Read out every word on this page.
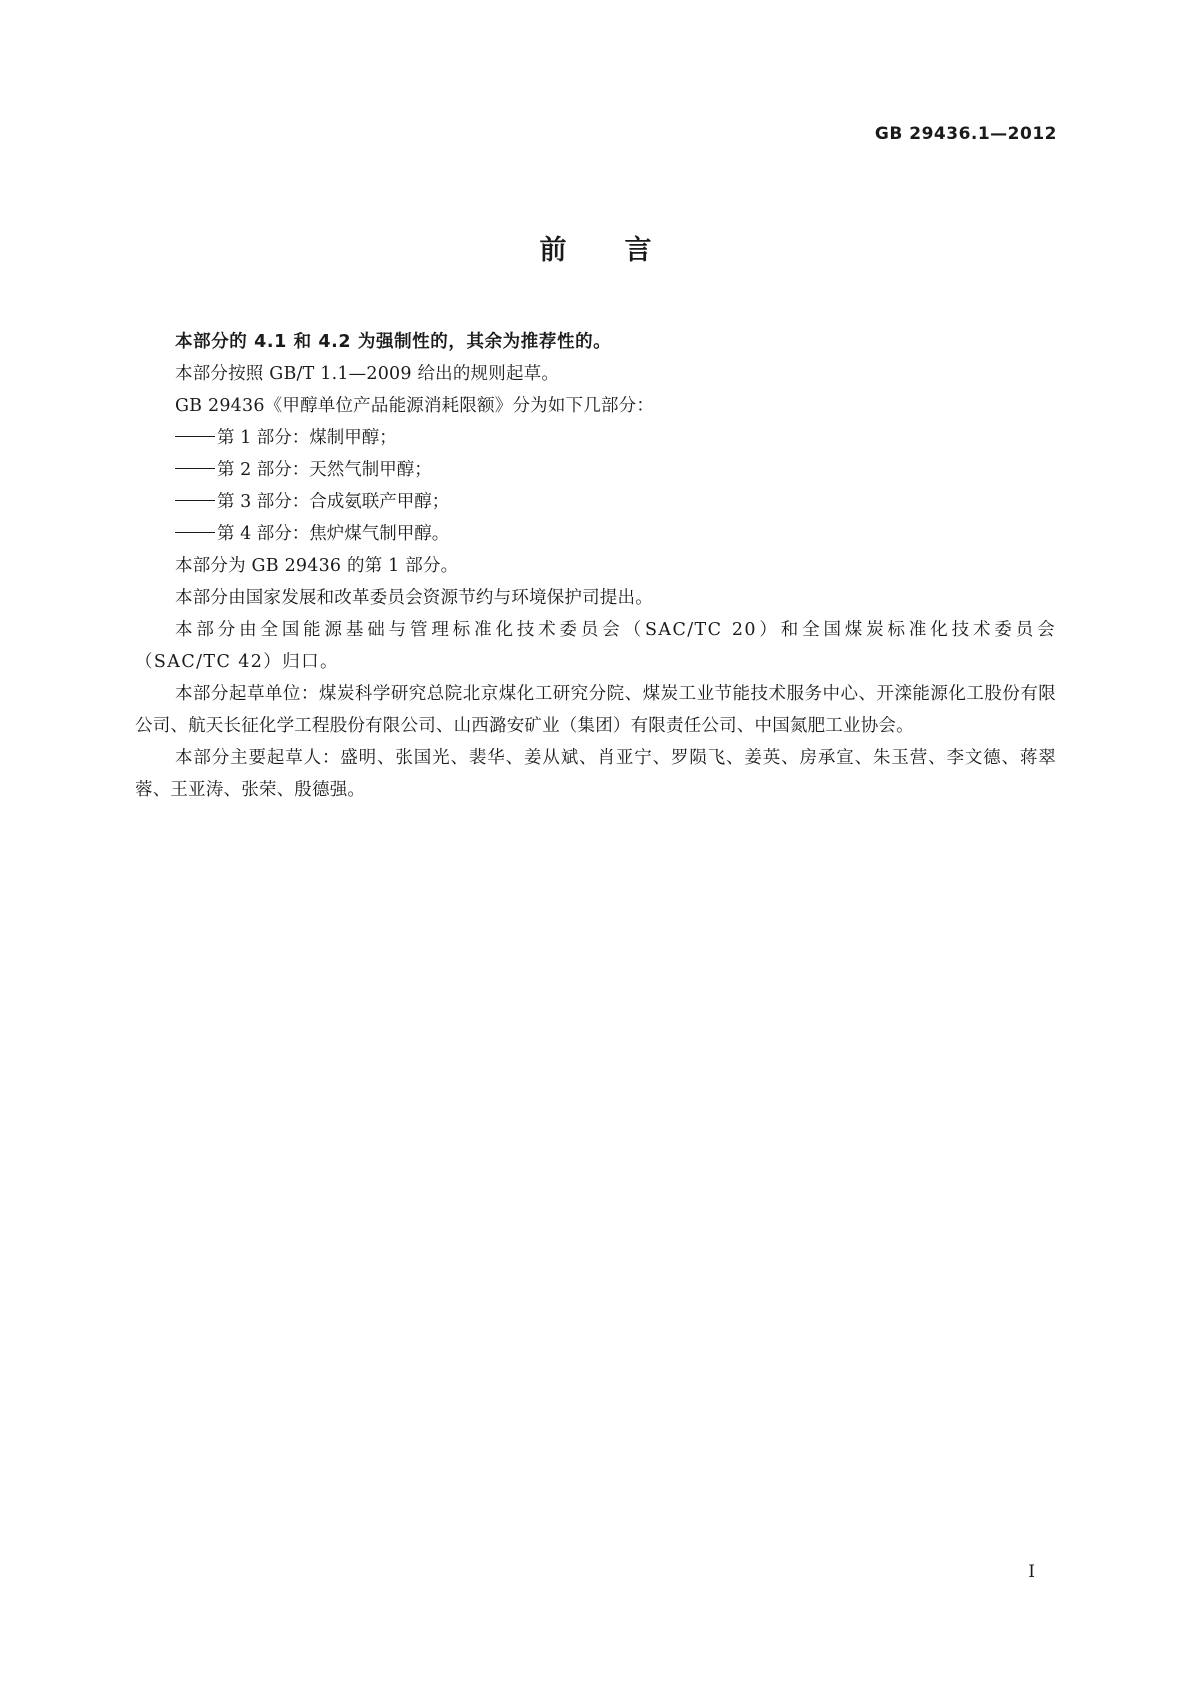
GB 29436.1—2012
前言

本部分的 4.1 和 4.2 为强制性的，其余为推荐性的。

本部分按照 GB/T 1.1—2009 给出的规则起草。

GB 29436《甲醇单位产品能源消耗限额》分为如下几部分：

第 1 部分：煤制甲醇；

第 2 部分：天然气制甲醇；

第 3 部分：合成氨联产甲醇；

第 4 部分：焦炉煤气制甲醇。

本部分为 GB 29436 的第 1 部分。

本部分由国家发展和改革委员会资源节约与环境保护司提出。

本部分由全国能源基础与管理标准化技术委员会（SAC/TC 20）和全国煤炭标准化技术委员会（SAC/TC 42）归口。

本部分起草单位：煤炭科学研究总院北京煤化工研究分院、煤炭工业节能技术服务中心、开滦能源化工股份有限公司、航天长征化学工程股份有限公司、山西潞安矿业（集团）有限责任公司、中国氮肥工业协会。

本部分主要起草人：盛明、张国光、裴华、姜从斌、肖亚宁、罗陨飞、姜英、房承宣、朱玉营、李文德、蒋翠蓉、王亚涛、张荣、殷德强。

I
